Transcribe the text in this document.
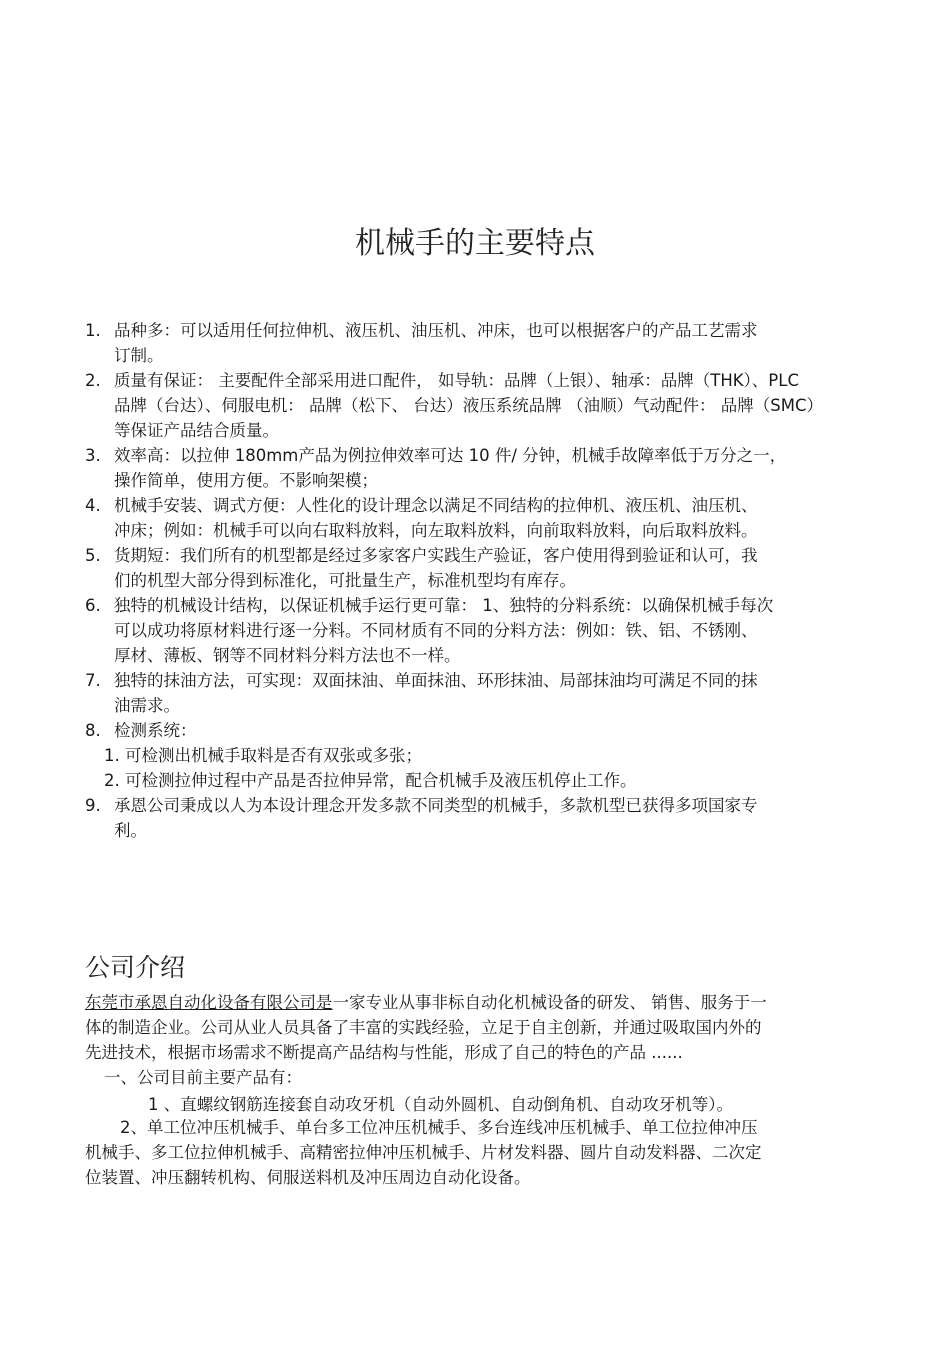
机械手的主要特点
1. 品种多：可以适用任何拉伸机、液压机、油压机、冲床，也可以根据客户的产品工艺需求
订制。
2. 质量有保证： 主要配件全部采用进口配件， 如导轨：品牌（上银）、轴承：品牌（THK）、PLC
品牌（台达）、伺服电机： 品牌（松下、 台达）液压系统品牌 （油顺）气动配件： 品牌（SMC）
等保证产品结合质量。
3. 效率高：以拉伸 180mm产品为例拉伸效率可达 10 件/ 分钟，机械手故障率低于万分之一，
操作简单，使用方便。不影响架模；
4. 机械手安装、调式方便：人性化的设计理念以满足不同结构的拉伸机、液压机、油压机、
冲床；例如：机械手可以向右取料放料，向左取料放料，向前取料放料，向后取料放料。
5. 货期短：我们所有的机型都是经过多家客户实践生产验证，客户使用得到验证和认可，我
们的机型大部分得到标准化，可批量生产，标准机型均有库存。
6. 独特的机械设计结构，以保证机械手运行更可靠： 1、独特的分料系统：以确保机械手每次
可以成功将原材料进行逐一分料。不同材质有不同的分料方法：例如：铁、铝、不锈刚、
厚材、薄板、钢等不同材料分料方法也不一样。
7. 独特的抹油方法，可实现：双面抹油、单面抹油、环形抹油、局部抹油均可满足不同的抹
油需求。
8. 检测系统：
1. 可检测出机械手取料是否有双张或多张；
2. 可检测拉伸过程中产品是否拉伸异常，配合机械手及液压机停止工作。
9. 承恩公司秉成以人为本设计理念开发多款不同类型的机械手，多款机型已获得多项国家专
利。
公司介绍
东莞市承恩自动化设备有限公司是一家专业从事非标自动化机械设备的研发、 销售、服务于一
体的制造企业。公司从业人员具备了丰富的实践经验，立足于自主创新，并通过吸取国内外的
先进技术，根据市场需求不断提高产品结构与性能，形成了自己的特色的产品 ......
一、公司目前主要产品有：
1 、直螺纹钢筋连接套自动攻牙机（自动外圆机、自动倒角机、自动攻牙机等）。
2、单工位冲压机械手、单台多工位冲压机械手、多台连线冲压机械手、单工位拉伸冲压
机械手、多工位拉伸机械手、高精密拉伸冲压机械手、片材发料器、圆片自动发料器、二次定
位装置、冲压翻转机构、伺服送料机及冲压周边自动化设备。
